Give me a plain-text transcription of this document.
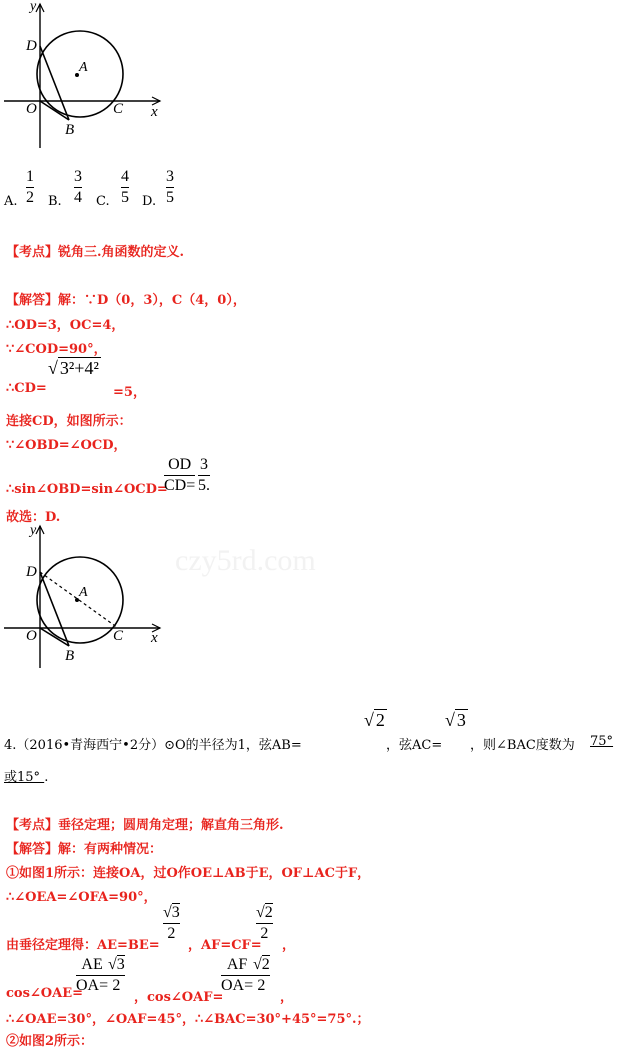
y
D
A
O	C x
B
A.
1
2 B.
3
4 C.
4
5 D.
3
5
【考点】锐角三.角函数的定义.
【解答】解：∵D（0，3），C（4，0），
∴OD=3，OC=4，
∵∠COD=90°，
∴CD=
√ 3²+4²
=5，
连接CD，如图所示：
∵∠OBD=∠OCD，
∴sin∠OBD=sin∠OCD=
OD
CD=
3
5.
故选：D.
czy5rd.com
y
D
A
O	C x
B
4.（2016•青海西宁•2分）⊙O的半径为1，弦AB=
√ 2
，弦AC=
√ 3
，则∠BAC度数为 75°
或15° .
【考点】垂径定理；圆周角定理；解直角三角形.
【解答】解：有两种情况：
①如图1所示：连接OA，过O作OE⊥AB于E，OF⊥AC于F，
∴∠OEA=∠OFA=90°，
由垂径定理得：AE=BE=
√3
2
，AF=CF=
√2
2
，
cos∠OAE=
AE
OA=
√3
2
，cos∠OAF=
AF
OA=
√2
2
，
∴∠OAE=30°，∠OAF=45°，∴∠BAC=30°+45°=75°.；
②如图2所示：
